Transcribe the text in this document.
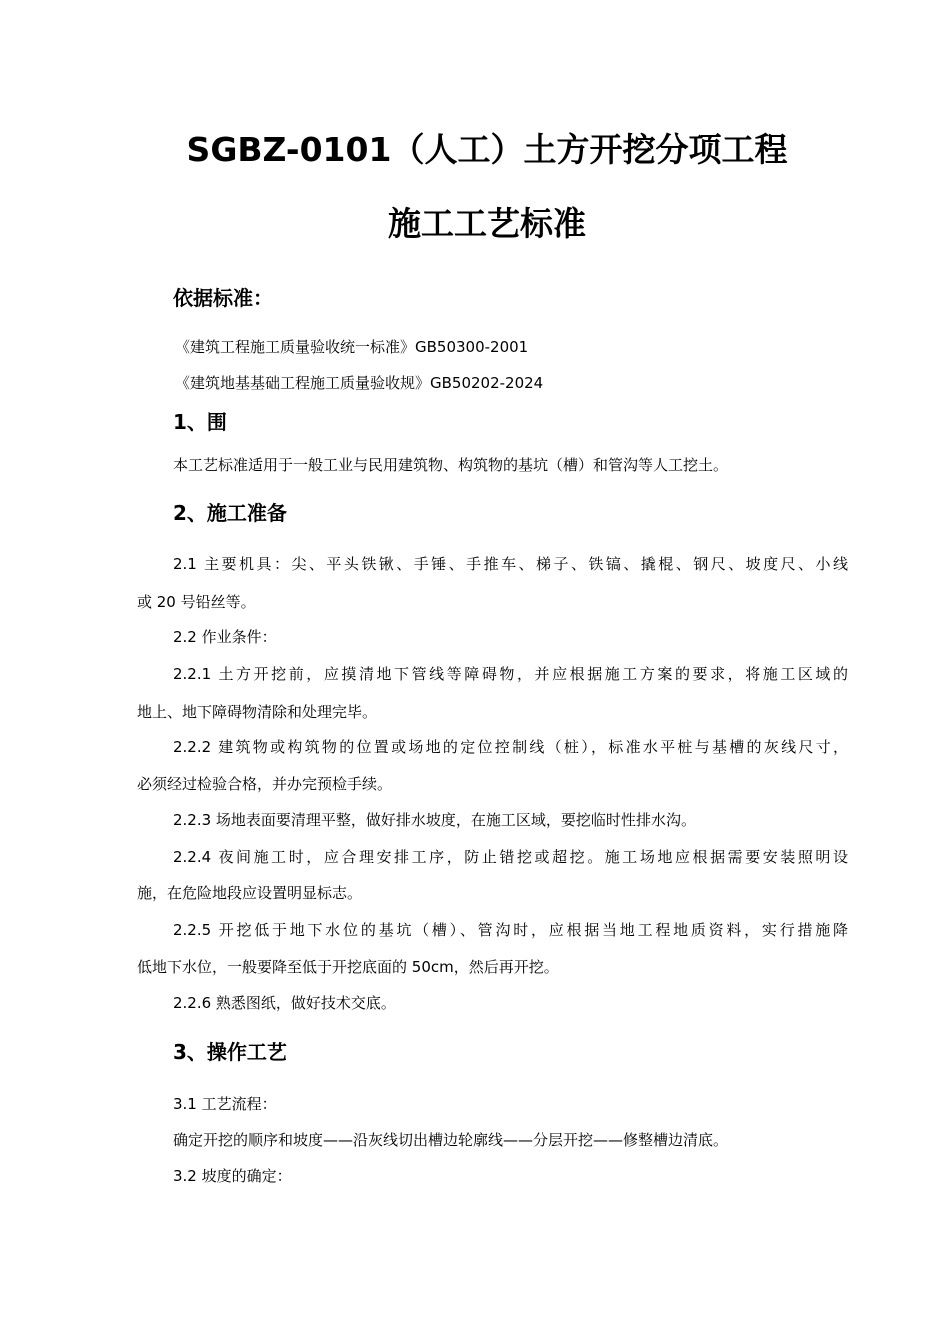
SGBZ-0101（人工）土方开挖分项工程
施工工艺标准
依据标准：

《建筑工程施工质量验收统一标准》GB50300-2001

《建筑地基基础工程施工质量验收规》GB50202-2024

1、围

本工艺标准适用于一般工业与民用建筑物、构筑物的基坑（槽）和管沟等人工挖土。

2、施工准备

2.1 主要机具：尖、平头铁锹、手锤、手推车、梯子、铁镐、撬棍、钢尺、坡度尺、小线

或 20 号铅丝等。

2.2 作业条件：

2.2.1 土方开挖前，应摸清地下管线等障碍物，并应根据施工方案的要求，将施工区域的

地上、地下障碍物清除和处理完毕。

2.2.2 建筑物或构筑物的位置或场地的定位控制线（桩），标准水平桩与基槽的灰线尺寸，

必须经过检验合格，并办完预检手续。

2.2.3 场地表面要清理平整，做好排水坡度，在施工区域，要挖临时性排水沟。

2.2.4 夜间施工时，应合理安排工序，防止错挖或超挖。施工场地应根据需要安装照明设

施，在危险地段应设置明显标志。

2.2.5 开挖低于地下水位的基坑（槽）、管沟时，应根据当地工程地质资料，实行措施降

低地下水位，一般要降至低于开挖底面的 50cm，然后再开挖。

2.2.6 熟悉图纸，做好技术交底。

3、操作工艺

3.1 工艺流程：

确定开挖的顺序和坡度——沿灰线切出槽边轮廓线——分层开挖——修整槽边清底。

3.2 坡度的确定：
